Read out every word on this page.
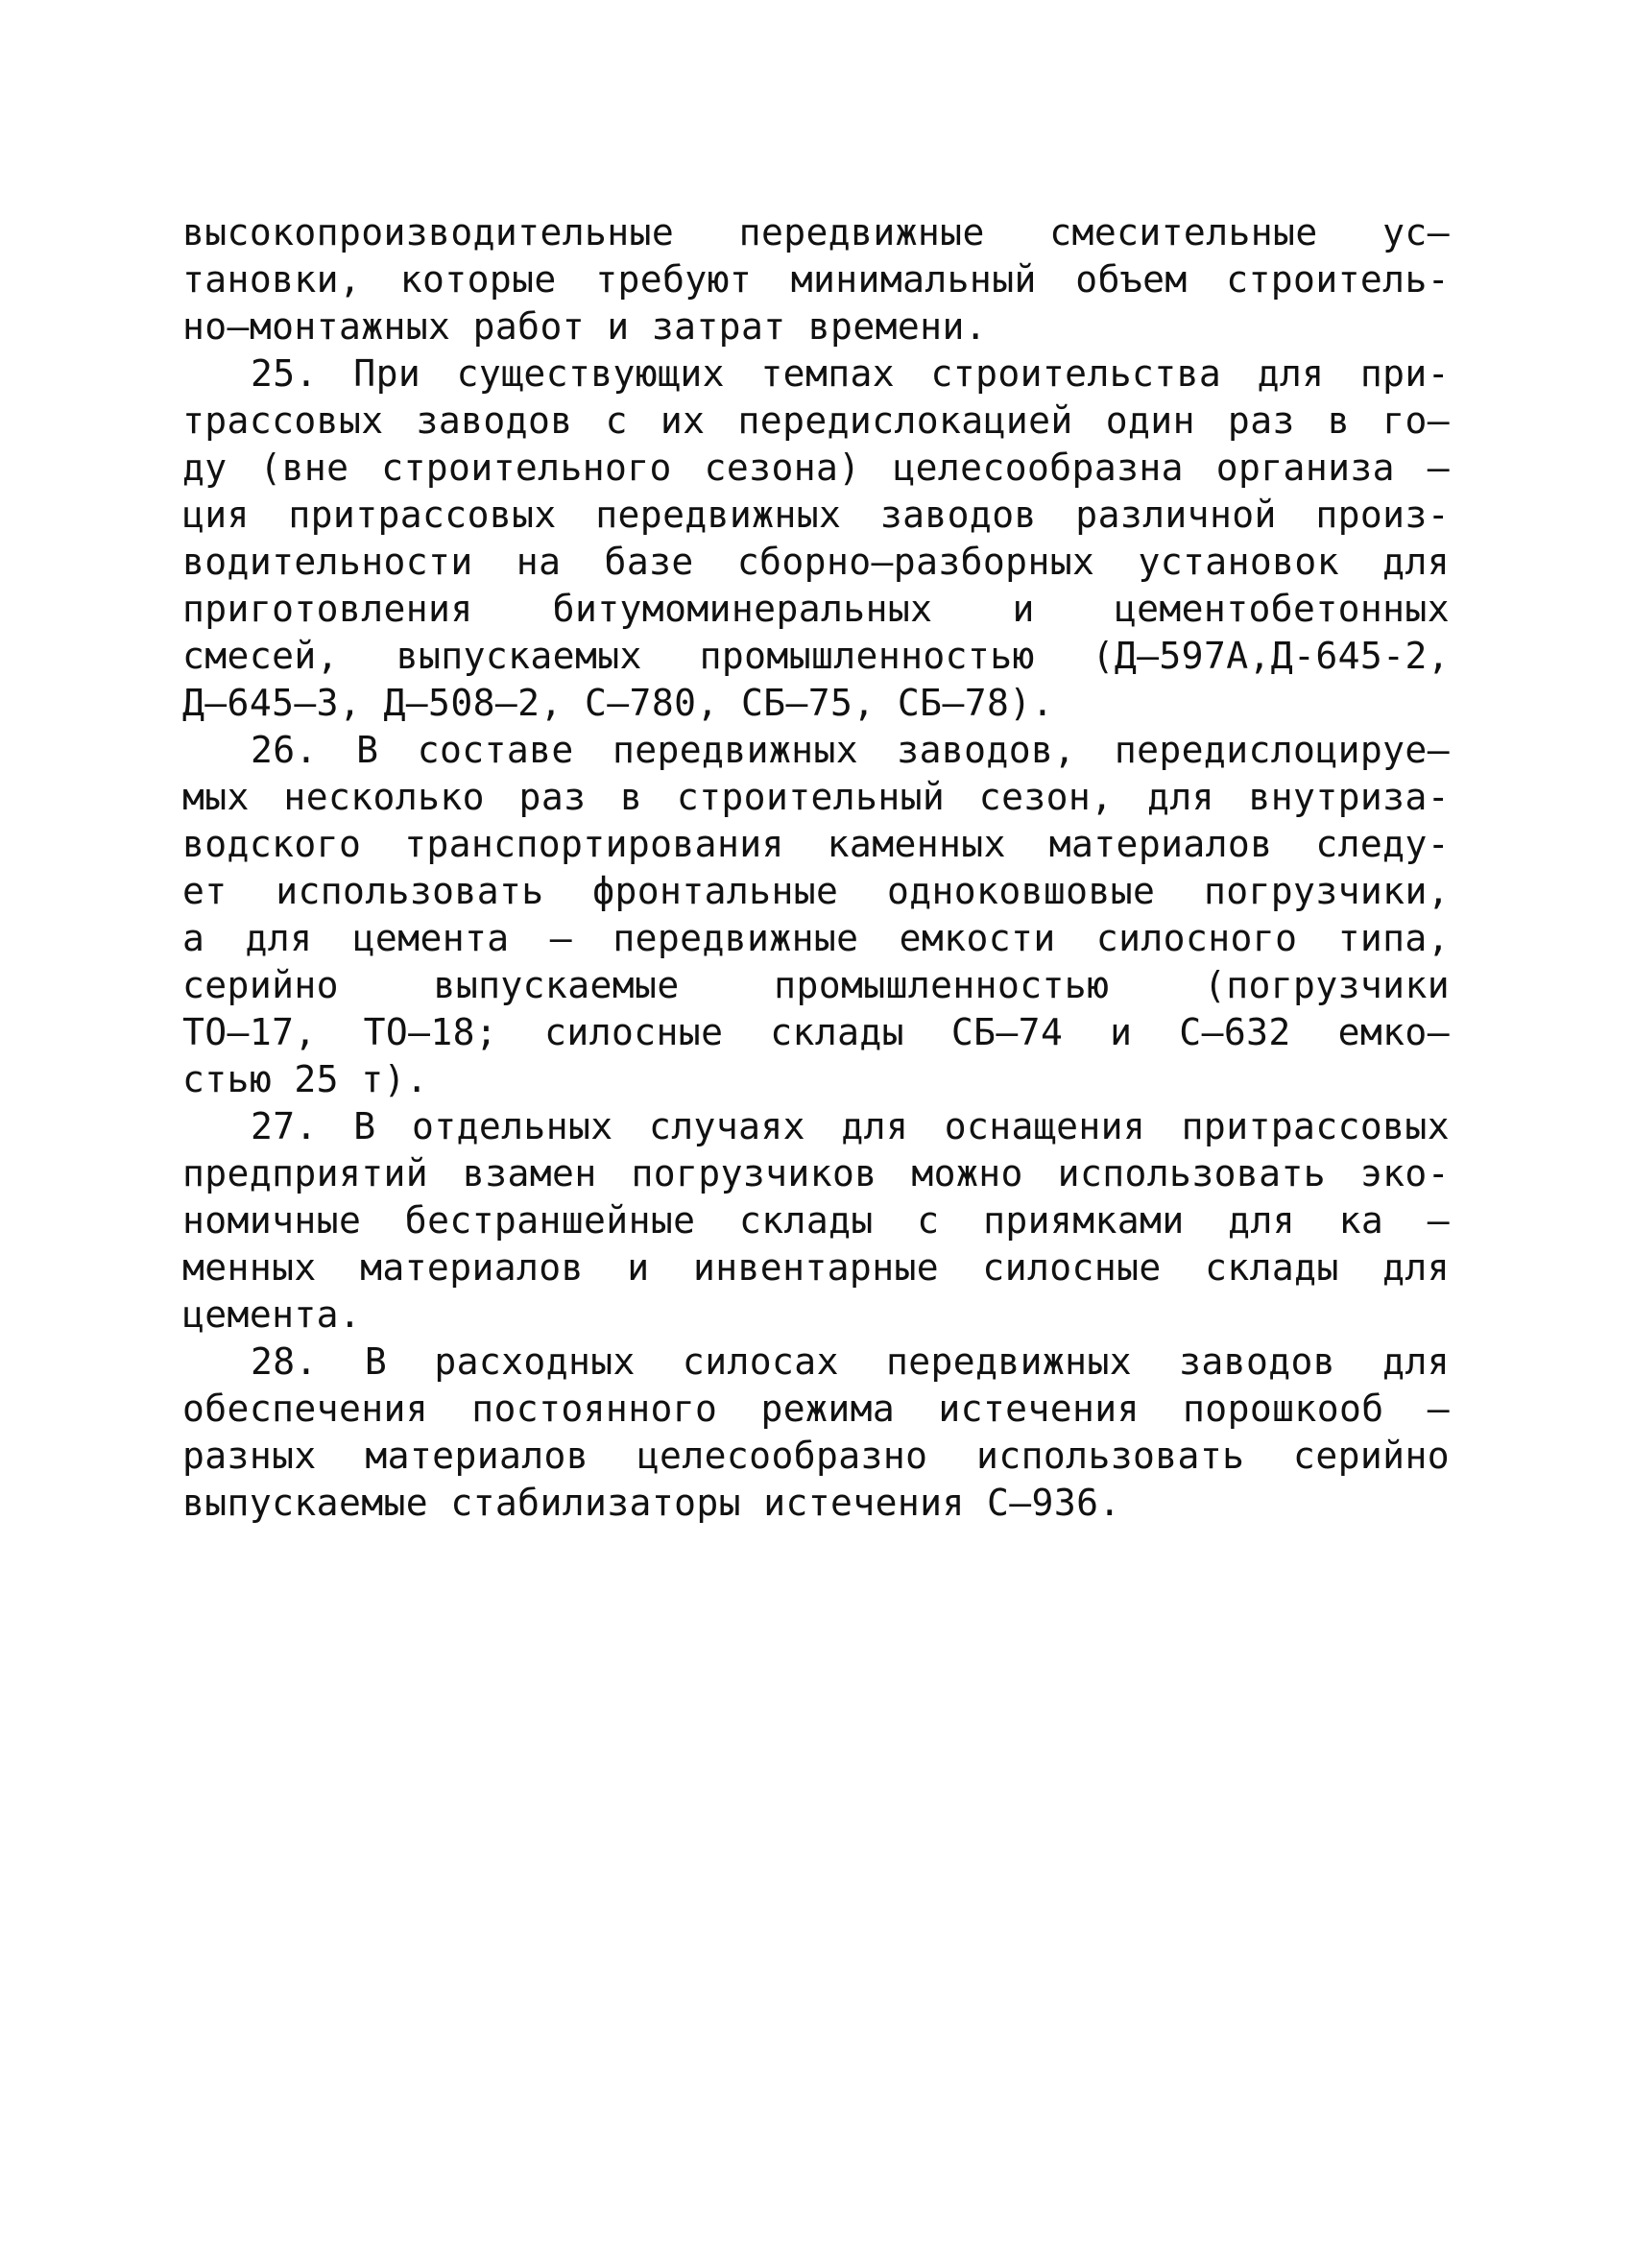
высокопроизводительные передвижные смесительные ус–
тановки, которые требуют минимальный объем строитель-
но–монтажных работ и затрат времени.
25. При существующих темпах строительства для при-
трассовых заводов с их передислокацией один раз в го–
ду (вне строительного сезона) целесообразна организа –
ция притрассовых передвижных заводов различной произ-
водительности на базе сборно–разборных установок для
приготовления битумоминеральных и цементобетонных
смесей, выпускаемых промышленностью (Д–597А,Д-645-2,
Д–645–3, Д–508–2, С–780, СБ–75, СБ–78).
26. В составе передвижных заводов, передислоцируе–
мых несколько раз в строительный сезон, для внутриза-
водского транспортирования каменных материалов следу-
ет использовать фронтальные одноковшовые погрузчики,
а для цемента – передвижные емкости силосного типа,
серийно выпускаемые промышленностью (погрузчики
ТО–17, ТО–18; силосные склады СБ–74 и С–632 емко–
стью 25 т).
27. В отдельных случаях для оснащения притрассовых
предприятий взамен погрузчиков можно использовать эко-
номичные бестраншейные склады с приямками для ка –
менных материалов и инвентарные силосные склады для
цемента.
28. В расходных силосах передвижных заводов для
обеспечения постоянного режима истечения порошкооб –
разных материалов целесообразно использовать серийно
выпускаемые стабилизаторы истечения С–936.
